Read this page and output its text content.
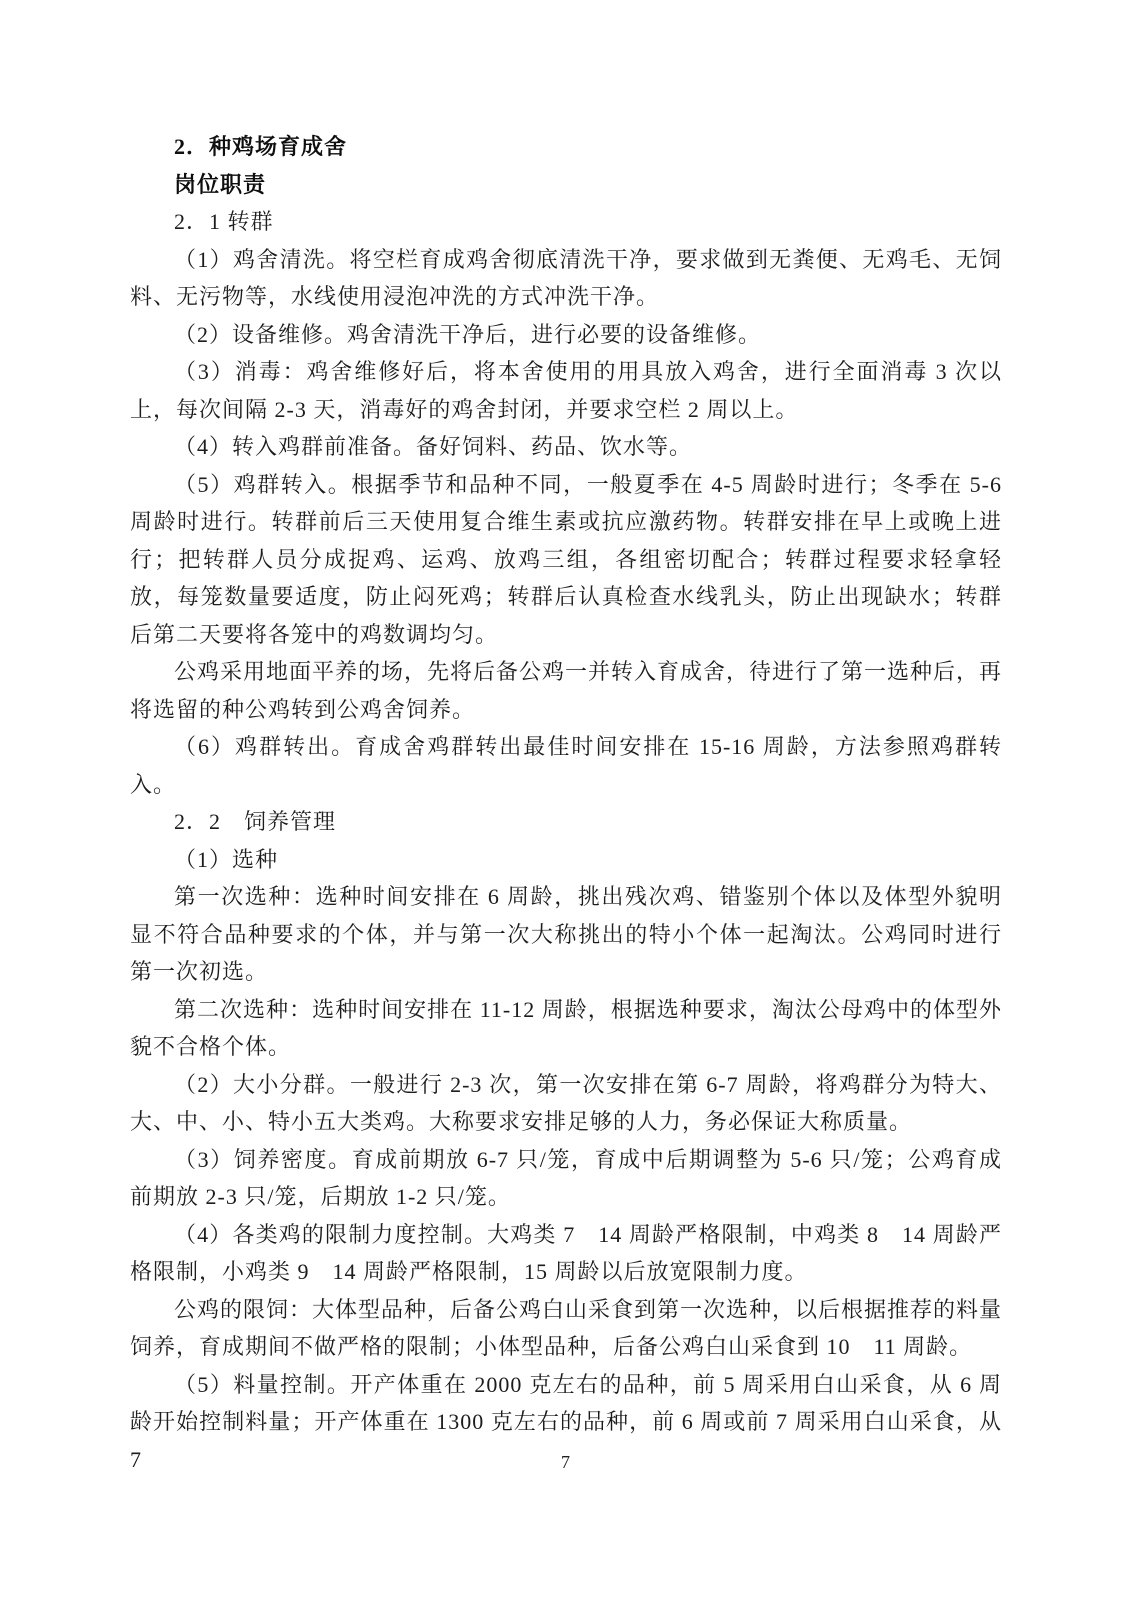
2．种鸡场育成舍

岗位职责

2．1 转群

（1）鸡舍清洗。将空栏育成鸡舍彻底清洗干净，要求做到无粪便、无鸡毛、无饲料、无污物等，水线使用浸泡冲洗的方式冲洗干净。

（2）设备维修。鸡舍清洗干净后，进行必要的设备维修。

（3）消毒：鸡舍维修好后，将本舍使用的用具放入鸡舍，进行全面消毒 3 次以上，每次间隔 2-3 天，消毒好的鸡舍封闭，并要求空栏 2 周以上。

（4）转入鸡群前准备。备好饲料、药品、饮水等。

（5）鸡群转入。根据季节和品种不同，一般夏季在 4-5 周龄时进行；冬季在 5-6 周龄时进行。转群前后三天使用复合维生素或抗应激药物。转群安排在早上或晚上进行；把转群人员分成捉鸡、运鸡、放鸡三组，各组密切配合；转群过程要求轻拿轻放，每笼数量要适度，防止闷死鸡；转群后认真检查水线乳头，防止出现缺水；转群后第二天要将各笼中的鸡数调均匀。

公鸡采用地面平养的场，先将后备公鸡一并转入育成舍，待进行了第一选种后，再将选留的种公鸡转到公鸡舍饲养。

（6）鸡群转出。育成舍鸡群转出最佳时间安排在 15-16 周龄，方法参照鸡群转入。

2．2　饲养管理

（1）选种

第一次选种：选种时间安排在 6 周龄，挑出残次鸡、错鉴别个体以及体型外貌明显不符合品种要求的个体，并与第一次大称挑出的特小个体一起淘汰。公鸡同时进行第一次初选。

第二次选种：选种时间安排在 11-12 周龄，根据选种要求，淘汰公母鸡中的体型外貌不合格个体。

（2）大小分群。一般进行 2-3 次，第一次安排在第 6-7 周龄，将鸡群分为特大、大、中、小、特小五大类鸡。大称要求安排足够的人力，务必保证大称质量。

（3）饲养密度。育成前期放 6-7 只/笼，育成中后期调整为 5-6 只/笼；公鸡育成前期放 2-3 只/笼，后期放 1-2 只/笼。

（4）各类鸡的限制力度控制。大鸡类 7 14 周龄严格限制，中鸡类 8 14 周龄严格限制，小鸡类 9 14 周龄严格限制，15 周龄以后放宽限制力度。

公鸡的限饲：大体型品种，后备公鸡白山采食到第一次选种，以后根据推荐的料量饲养，育成期间不做严格的限制；小体型品种，后备公鸡白山采食到 10 11 周龄。

（5）料量控制。开产体重在 2000 克左右的品种，前 5 周采用白山采食，从 6 周龄开始控制料量；开产体重在 1300 克左右的品种，前 6 周或前 7 周采用白山采食，从 7	7
